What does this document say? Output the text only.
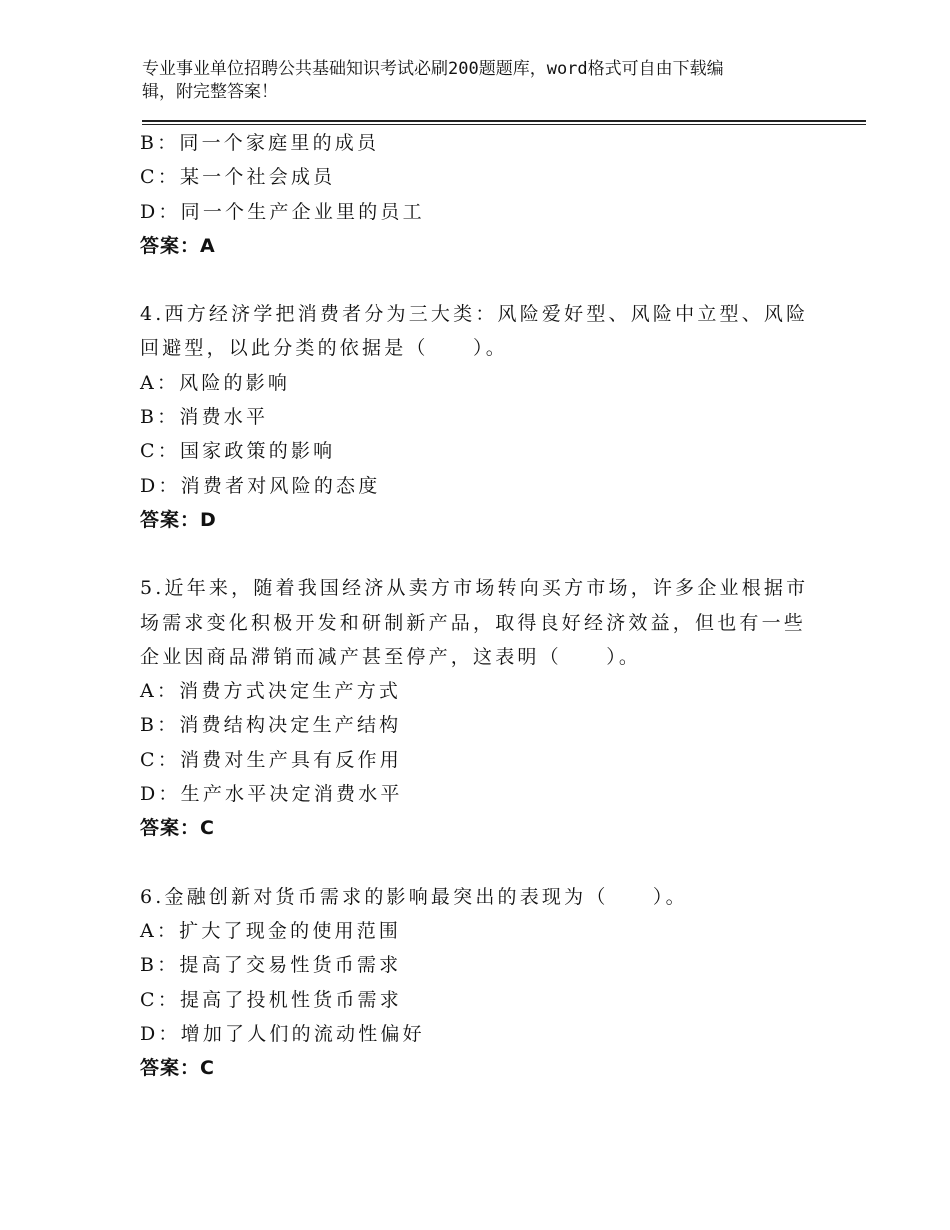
专业事业单位招聘公共基础知识考试必刷200题题库，word格式可自由下载编
辑，附完整答案！
B：同一个家庭里的成员
C：某一个社会成员
D：同一个生产企业里的员工
答案：A
4.西方经济学把消费者分为三大类：风险爱好型、风险中立型、风险
回避型，以此分类的依据是（　　）。
A：风险的影响
B：消费水平
C：国家政策的影响
D：消费者对风险的态度
答案：D
5.近年来，随着我国经济从卖方市场转向买方市场，许多企业根据市
场需求变化积极开发和研制新产品，取得良好经济效益，但也有一些
企业因商品滞销而减产甚至停产，这表明（　　）。
A：消费方式决定生产方式
B：消费结构决定生产结构
C：消费对生产具有反作用
D：生产水平决定消费水平
答案：C
6.金融创新对货币需求的影响最突出的表现为（　　）。
A：扩大了现金的使用范围
B：提高了交易性货币需求
C：提高了投机性货币需求
D：增加了人们的流动性偏好
答案：C
